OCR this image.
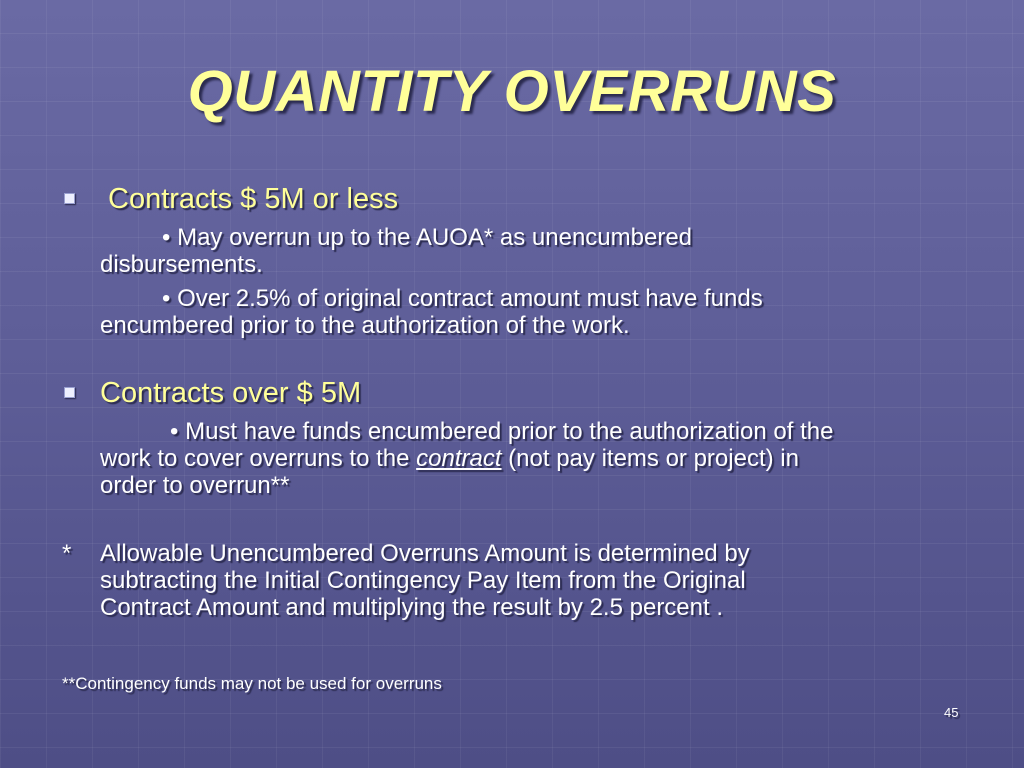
QUANTITY OVERRUNS
Contracts $ 5M or less
• May overrun up to the AUOA* as unencumbered
disbursements.
• Over 2.5% of original contract amount must have funds
encumbered prior to the authorization of the work.
Contracts over $ 5M
• Must have funds encumbered prior to the authorization of the
work to cover overruns to the contract (not pay items or project) in
order to overrun**
* Allowable Unencumbered Overruns Amount is determined by
subtracting the Initial Contingency Pay Item from the Original
Contract Amount and multiplying the result by 2.5 percent .
**Contingency funds may not be used for overruns
45
